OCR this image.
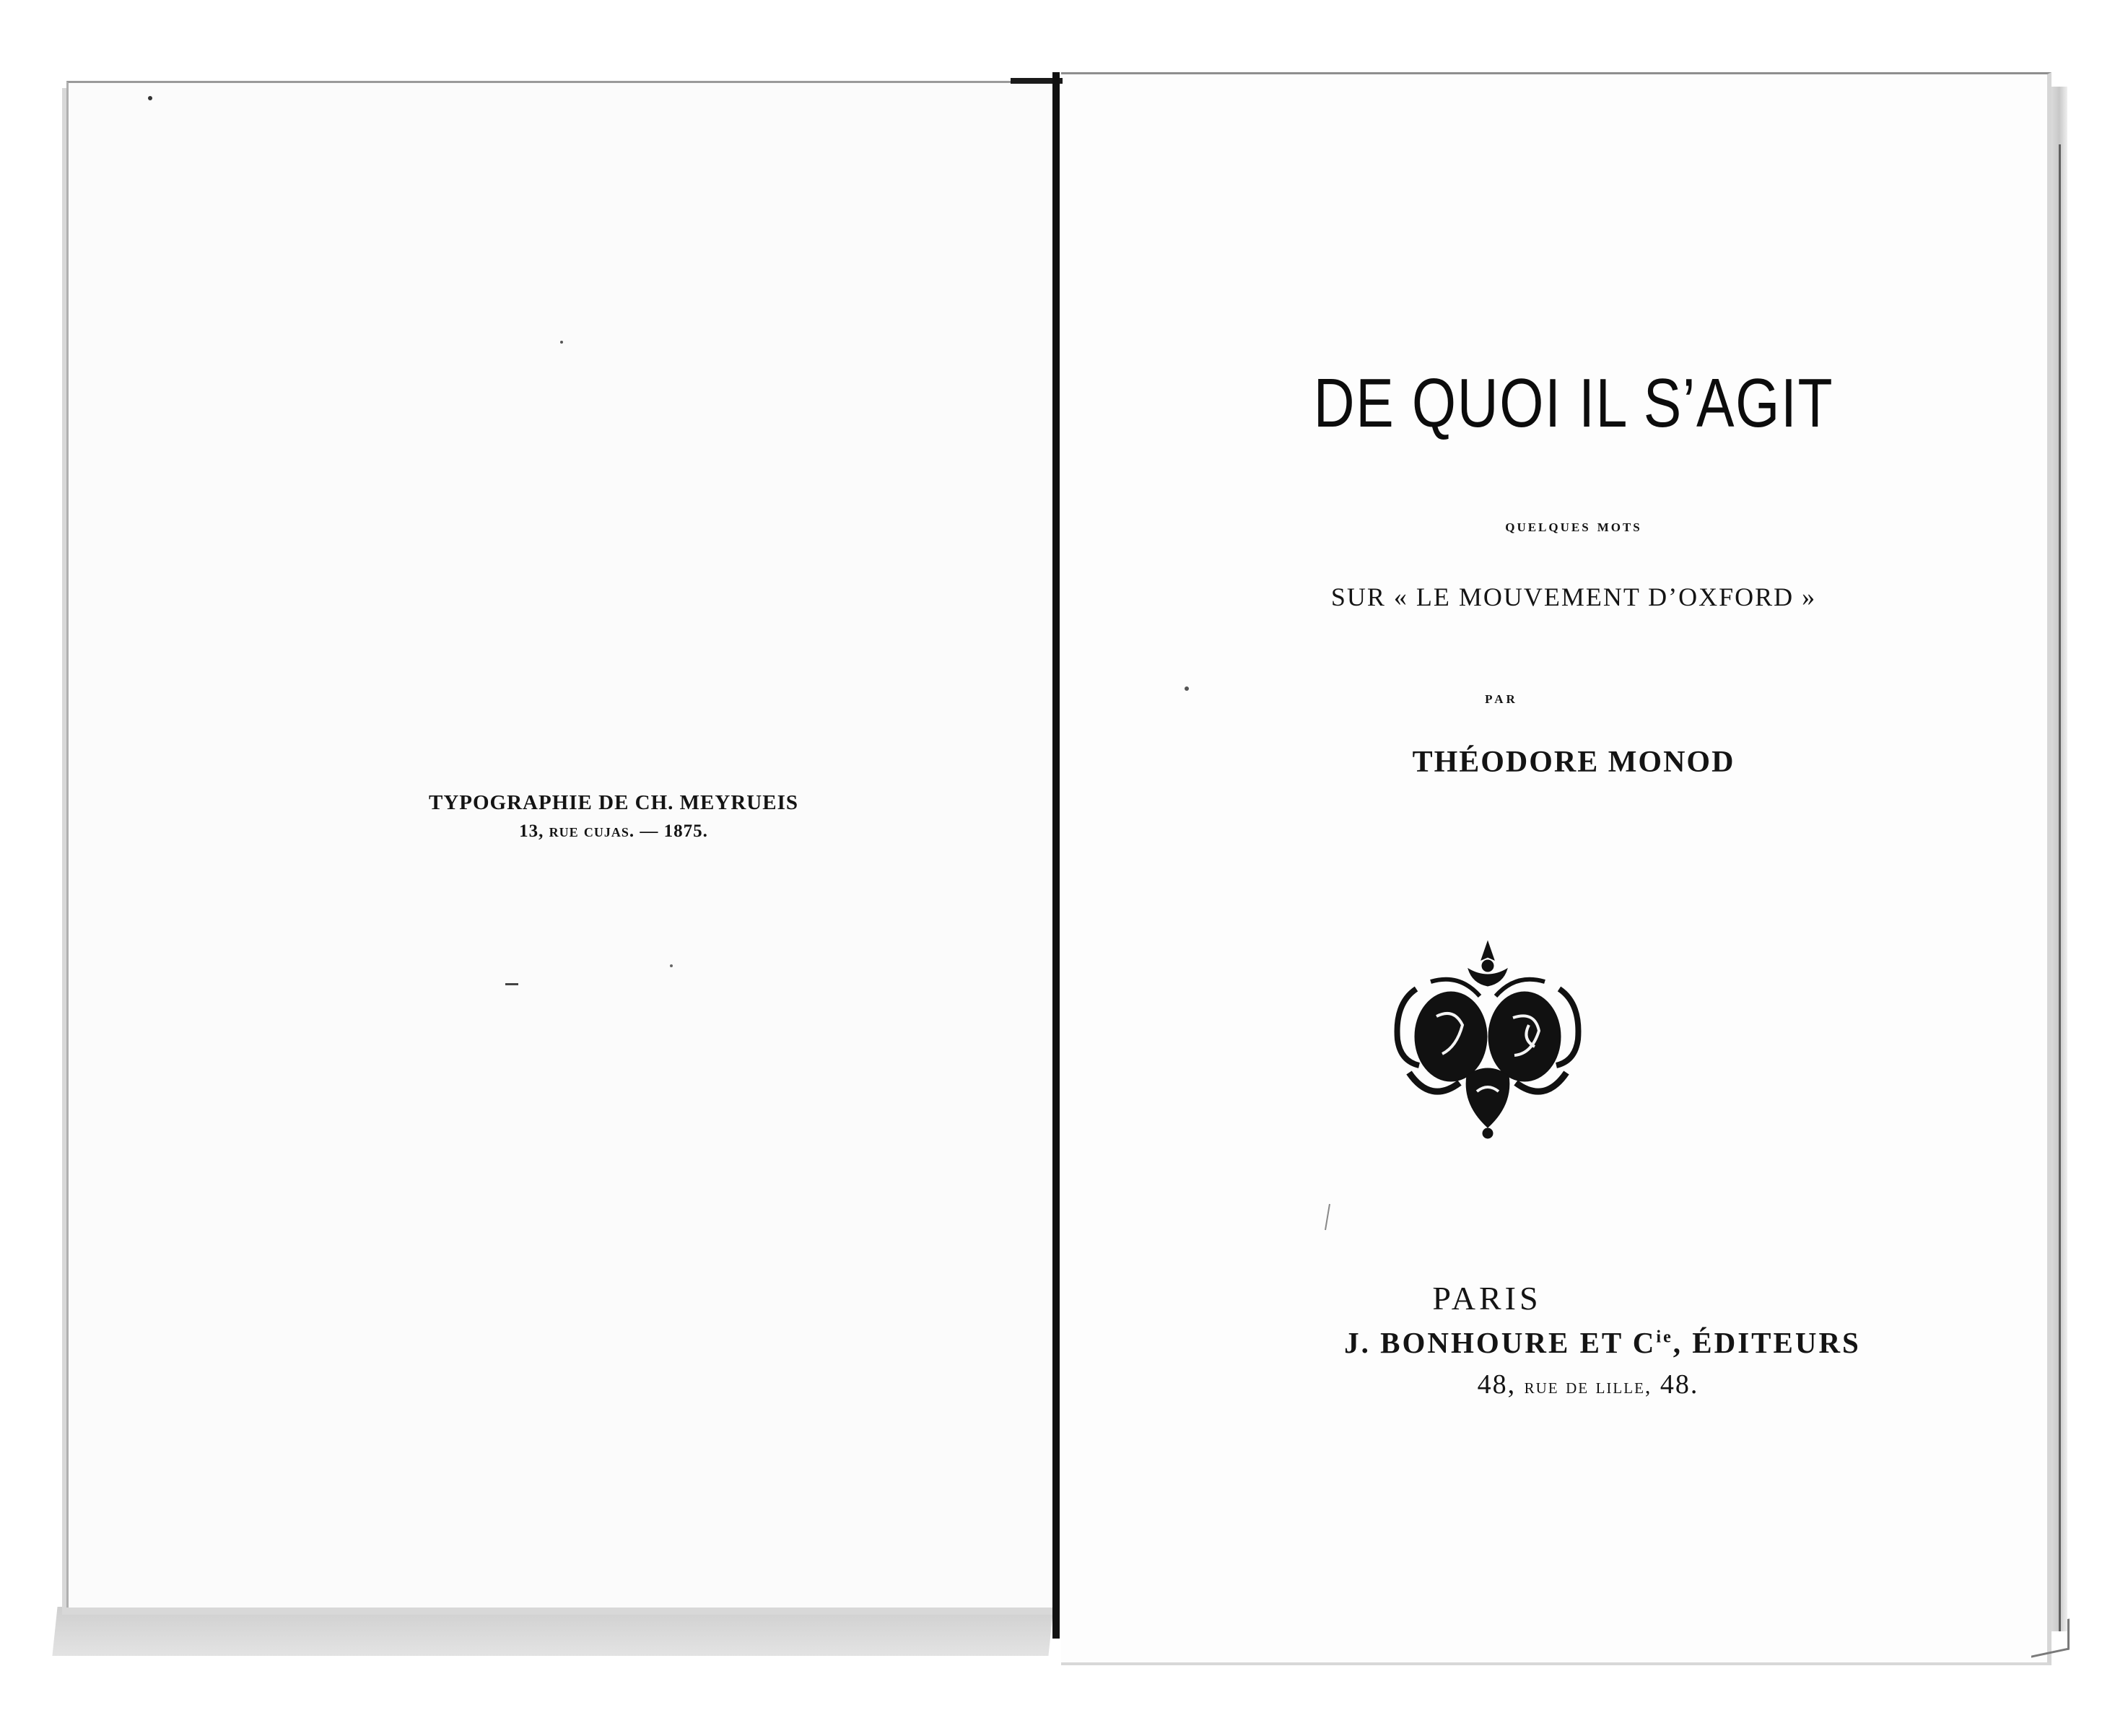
TYPOGRAPHIE DE CH. MEYRUEIS
13, rue cujas. — 1875.
DE QUOI IL S’AGIT
quelques mots
SUR « LE MOUVEMENT D’OXFORD »
par
THÉODORE MONOD
PARIS
J. BONHOURE ET $C^{ie}$, ÉDITEURS
48, rue de lille, 48.
